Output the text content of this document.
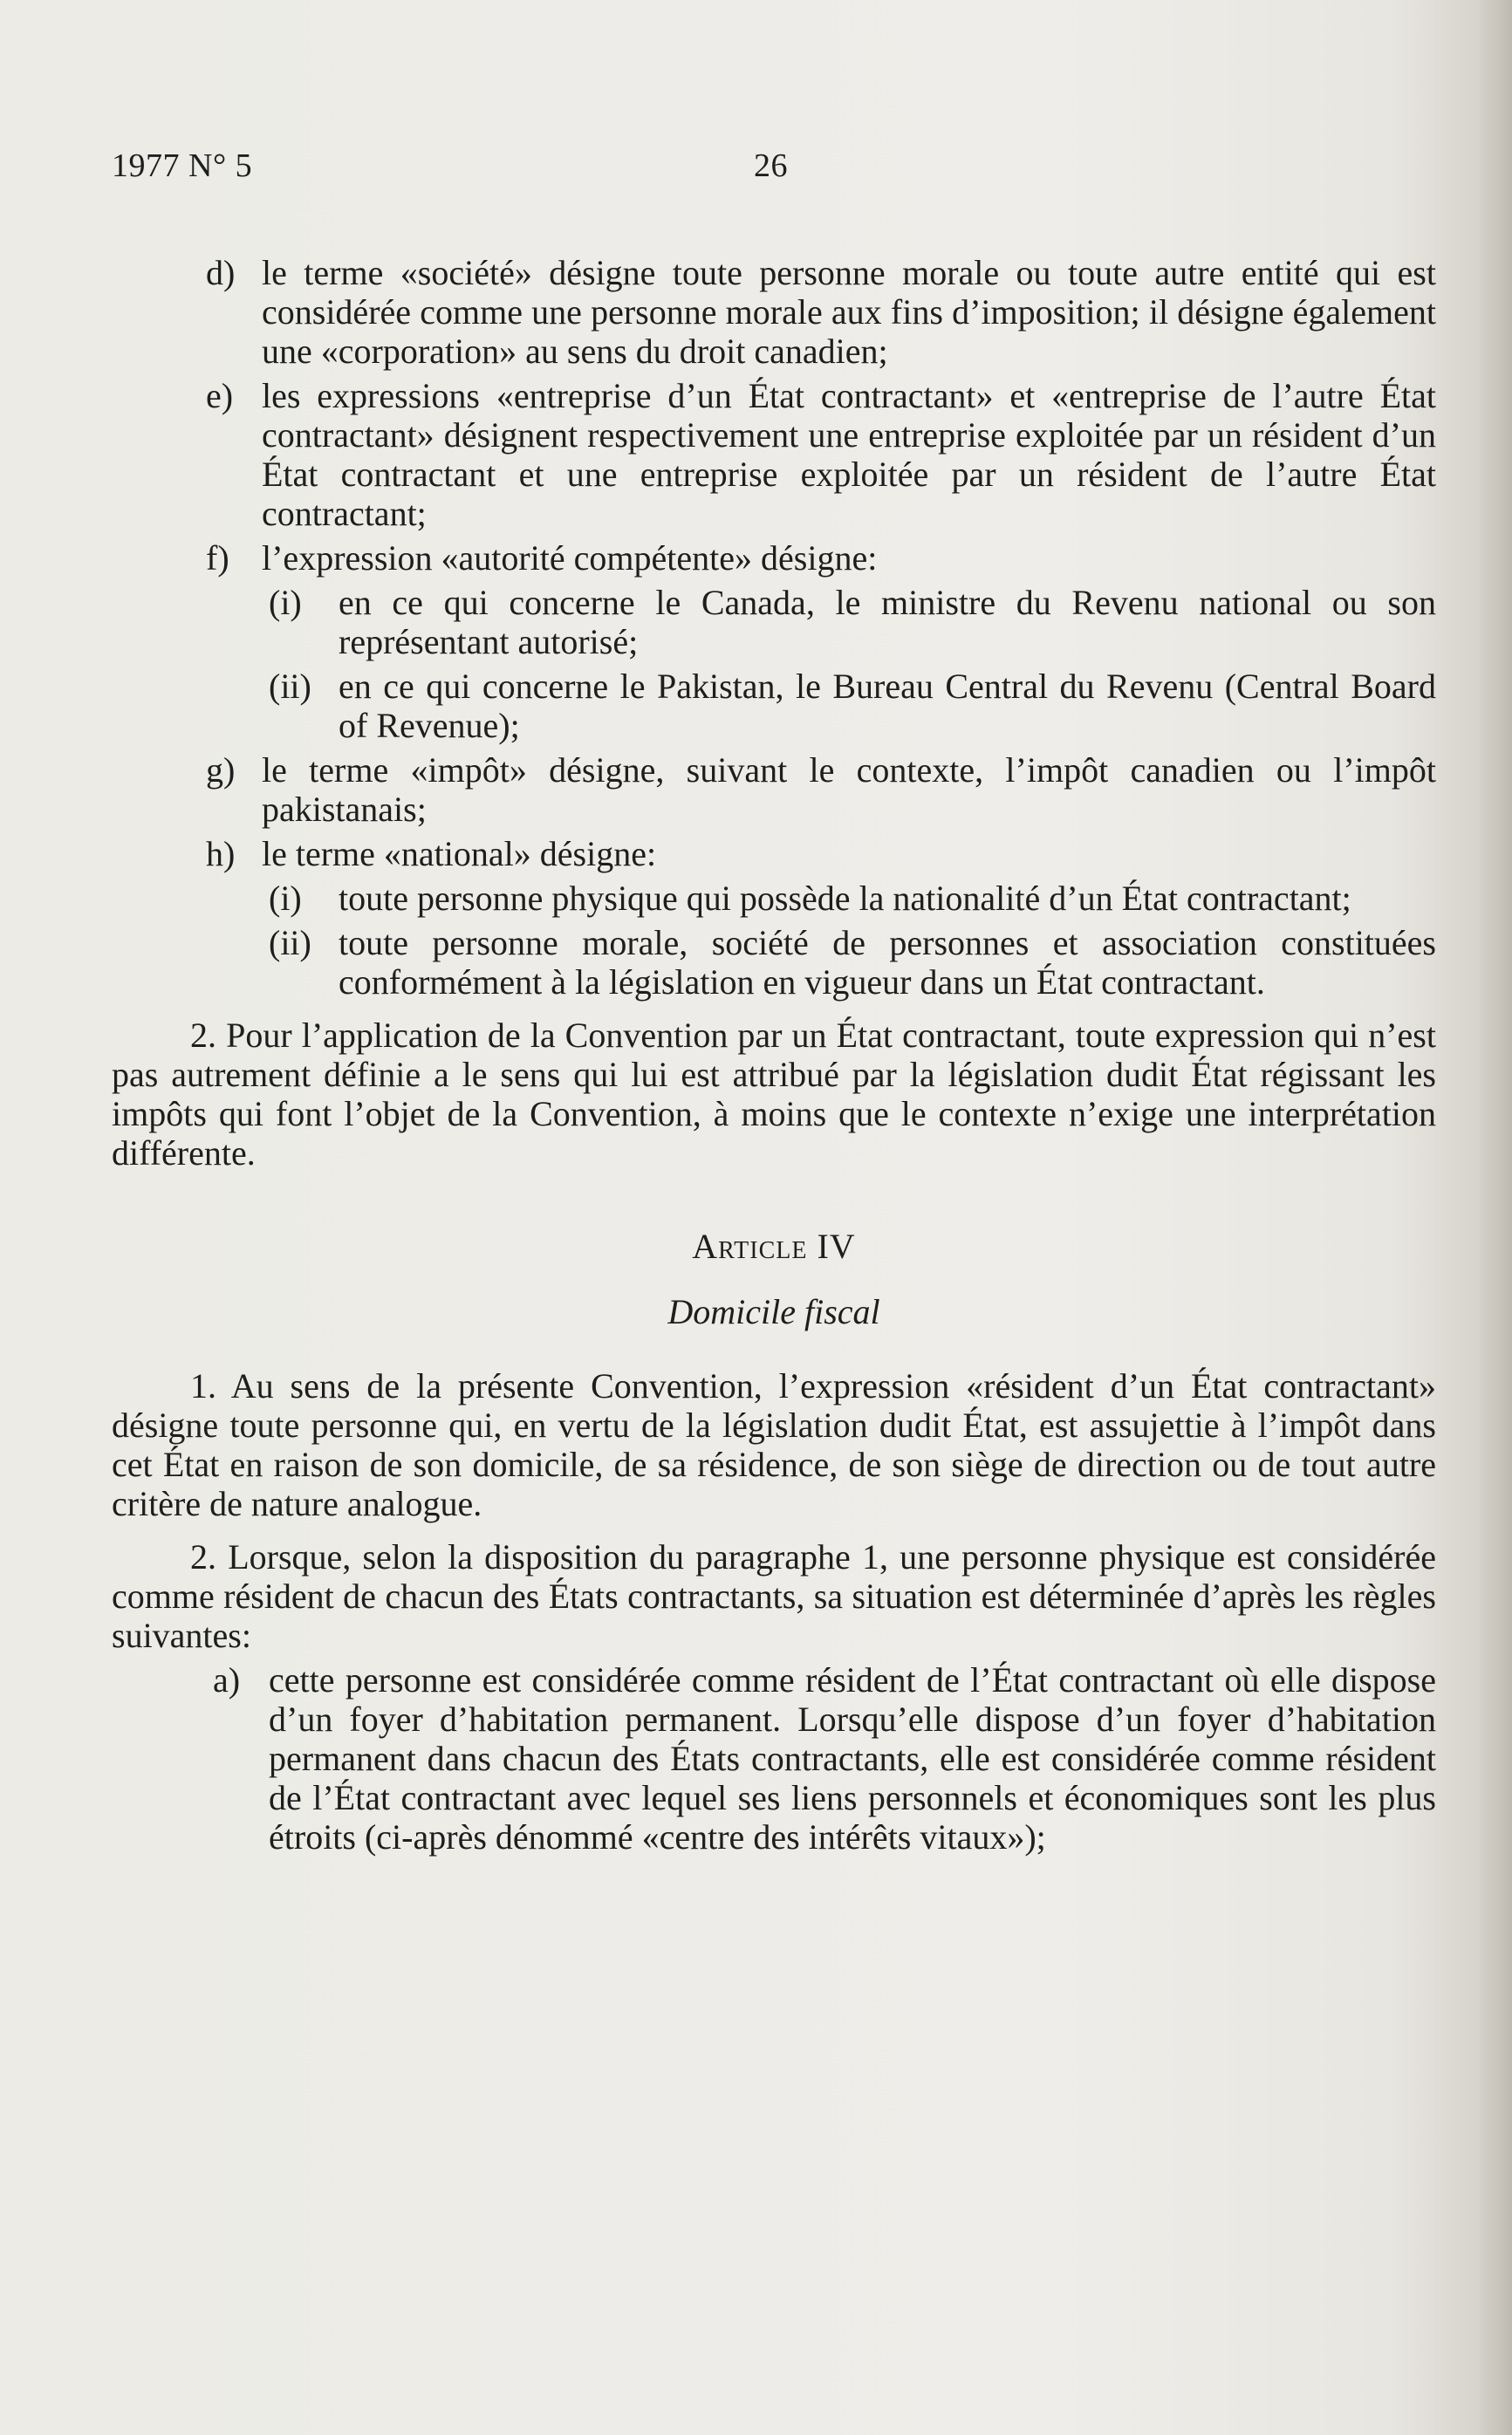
1977 N° 5	26
d) le terme «société» désigne toute personne morale ou toute autre entité qui est considérée comme une personne morale aux fins d’imposition; il désigne également une «corporation» au sens du droit canadien;
e) les expressions «entreprise d’un État contractant» et «entreprise de l’autre État contractant» désignent respectivement une entreprise exploitée par un résident d’un État contractant et une entreprise exploitée par un résident de l’autre État contractant;
f) l’expression «autorité compétente» désigne:
(i) en ce qui concerne le Canada, le ministre du Revenu national ou son représentant autorisé;
(ii) en ce qui concerne le Pakistan, le Bureau Central du Revenu (Central Board of Revenue);
g) le terme «impôt» désigne, suivant le contexte, l’impôt canadien ou l’impôt pakistanais;
h) le terme «national» désigne:
(i) toute personne physique qui possède la nationalité d’un État contractant;
(ii) toute personne morale, société de personnes et association constituées conformément à la législation en vigueur dans un État contractant.

2. Pour l’application de la Convention par un État contractant, toute expression qui n’est pas autrement définie a le sens qui lui est attribué par la législation dudit État régissant les impôts qui font l’objet de la Convention, à moins que le contexte n’exige une interprétation différente.

Article IV
Domicile fiscal

1. Au sens de la présente Convention, l’expression «résident d’un État contractant» désigne toute personne qui, en vertu de la législation dudit État, est assujettie à l’impôt dans cet État en raison de son domicile, de sa résidence, de son siège de direction ou de tout autre critère de nature analogue.

2. Lorsque, selon la disposition du paragraphe 1, une personne physique est considérée comme résident de chacun des États contractants, sa situation est déterminée d’après les règles suivantes:

a) cette personne est considérée comme résident de l’État contractant où elle dispose d’un foyer d’habitation permanent. Lorsqu’elle dispose d’un foyer d’habitation permanent dans chacun des États contractants, elle est considérée comme résident de l’État contractant avec lequel ses liens personnels et économiques sont les plus étroits (ci-après dénommé «centre des intérêts vitaux»);
